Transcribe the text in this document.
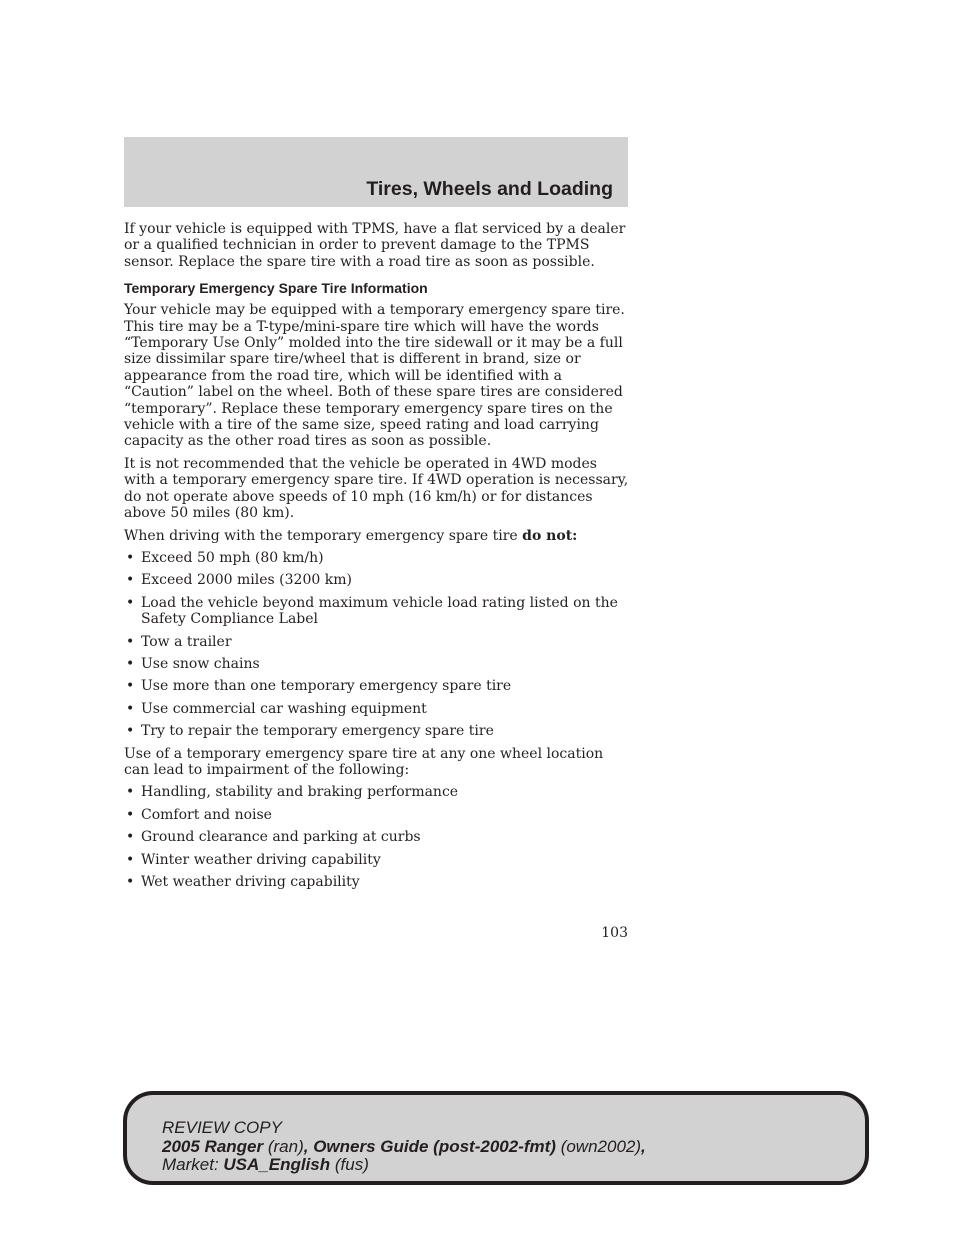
Tires, Wheels and Loading

If your vehicle is equipped with TPMS, have a flat serviced by a dealer or a qualified technician in order to prevent damage to the TPMS sensor. Replace the spare tire with a road tire as soon as possible.

Temporary Emergency Spare Tire Information

Your vehicle may be equipped with a temporary emergency spare tire. This tire may be a T-type/mini-spare tire which will have the words “Temporary Use Only” molded into the tire sidewall or it may be a full size dissimilar spare tire/wheel that is different in brand, size or appearance from the road tire, which will be identified with a “Caution” label on the wheel. Both of these spare tires are considered “temporary”. Replace these temporary emergency spare tires on the vehicle with a tire of the same size, speed rating and load carrying capacity as the other road tires as soon as possible.

It is not recommended that the vehicle be operated in 4WD modes with a temporary emergency spare tire. If 4WD operation is necessary, do not operate above speeds of 10 mph (16 km/h) or for distances above 50 miles (80 km).

When driving with the temporary emergency spare tire do not:

•
Exceed 50 mph (80 km/h)
•
Exceed 2000 miles (3200 km)
•
Load the vehicle beyond maximum vehicle load rating listed on the Safety Compliance Label
•
Tow a trailer
•
Use snow chains
•
Use more than one temporary emergency spare tire
•
Use commercial car washing equipment
•
Try to repair the temporary emergency spare tire

Use of a temporary emergency spare tire at any one wheel location can lead to impairment of the following:

•
Handling, stability and braking performance
•
Comfort and noise
•
Ground clearance and parking at curbs
•
Winter weather driving capability
•
Wet weather driving capability
103
REVIEW COPY
2005 Ranger (ran), Owners Guide (post-2002-fmt) (own2002),
Market: USA_English (fus)
